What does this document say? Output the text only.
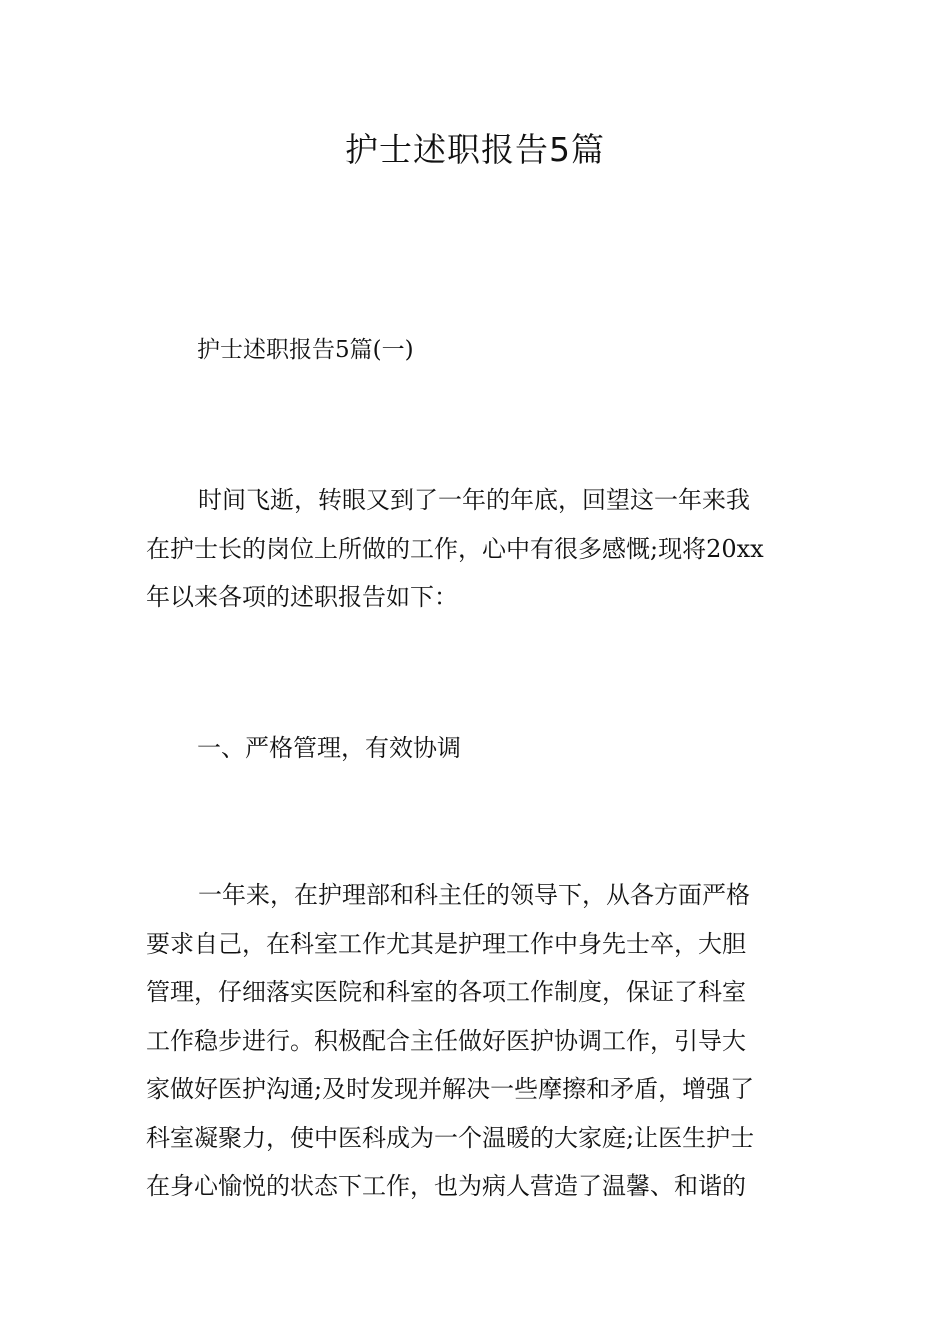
护士述职报告5篇

护士述职报告5篇(一)

时间飞逝，转眼又到了一年的年底，回望这一年来我
在护士长的岗位上所做的工作，心中有很多感慨;现将20xx
年以来各项的述职报告如下：

一、严格管理，有效协调

一年来，在护理部和科主任的领导下，从各方面严格
要求自己，在科室工作尤其是护理工作中身先士卒，大胆
管理，仔细落实医院和科室的各项工作制度，保证了科室
工作稳步进行。积极配合主任做好医护协调工作，引导大
家做好医护沟通;及时发现并解决一些摩擦和矛盾，增强了
科室凝聚力，使中医科成为一个温暖的大家庭;让医生护士
在身心愉悦的状态下工作，也为病人营造了温馨、和谐的
